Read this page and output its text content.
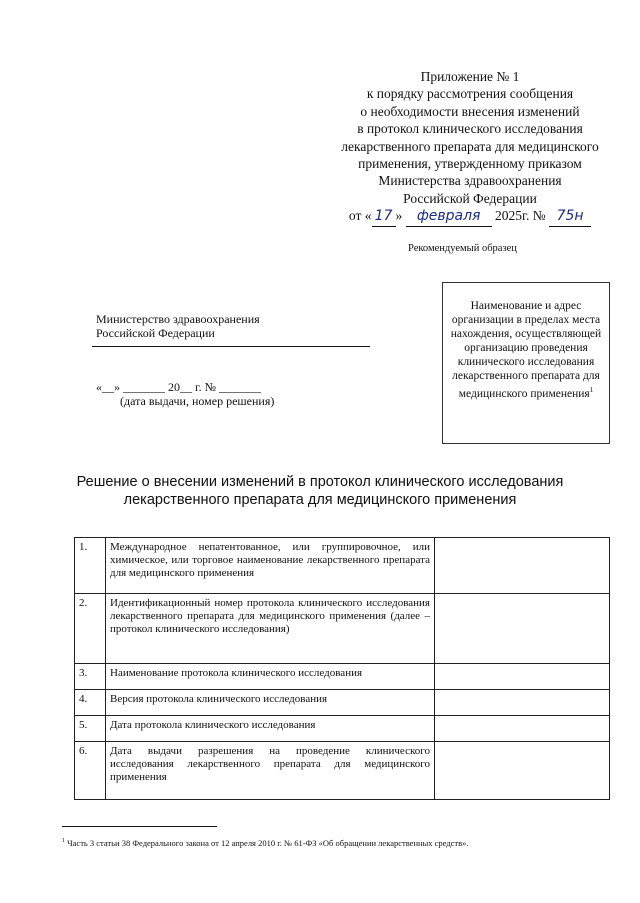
Приложение № 1
к порядку рассмотрения сообщения
о необходимости внесения изменений
в протокол клинического исследования
лекарственного препарата для медицинского
применения, утвержденному приказом
Министерства здравоохранения
Российской Федерации
от « 17 » февраля 2025г. № 75н
Рекомендуемый образец
Министерство здравоохранения
Российской Федерации
«__» _______ 20__ г. № _______
(дата выдачи, номер решения)
Наименование и адрес организации в пределах места нахождения, осуществляющей организацию проведения клинического исследования лекарственного препарата для медицинского применения$^1$
Решение о внесении изменений в протокол клинического исследования
лекарственного препарата для медицинского применения
1.	Международное непатентованное, или группировочное, или химическое, или торговое наименование лекарственного препарата для медицинского применения	
2.	Идентификационный номер протокола клинического исследования лекарственного препарата для медицинского применения (далее – протокол клинического исследования)	
3.	Наименование протокола клинического исследования	
4.	Версия протокола клинического исследования	
5.	Дата протокола клинического исследования	
6.	Дата выдачи разрешения на проведение клинического исследования лекарственного препарата для медицинского применения	
$^1$ Часть 3 статьи 38 Федерального закона от 12 апреля 2010 г. № 61-ФЗ «Об обращении лекарственных средств».
